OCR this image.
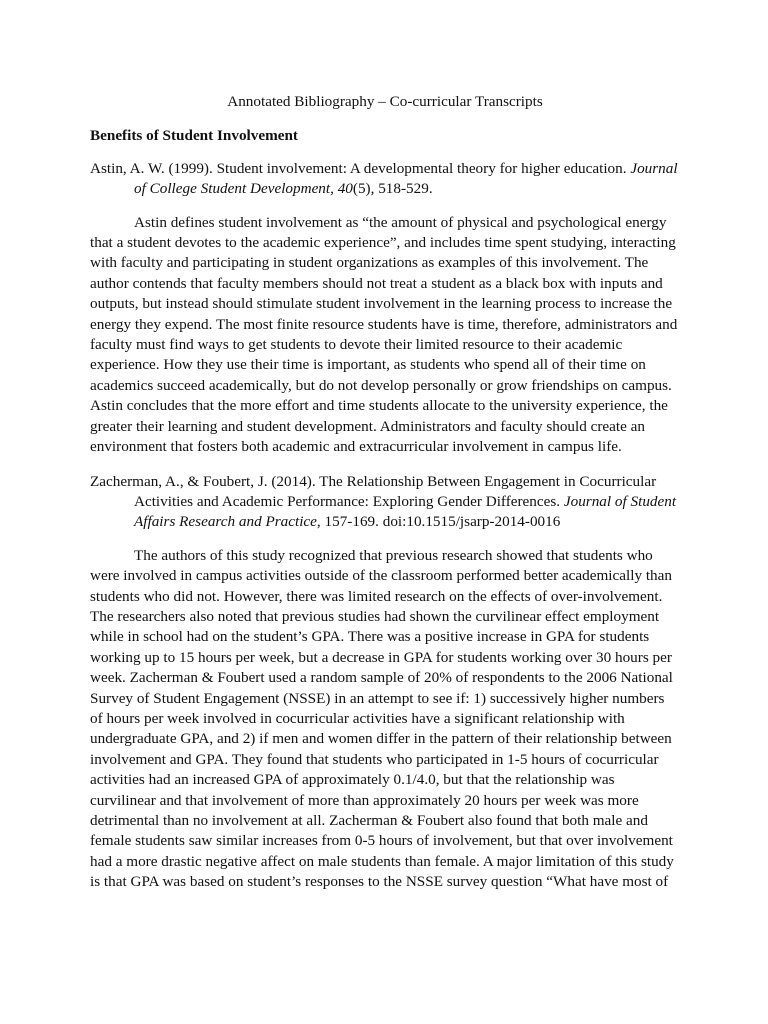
Annotated Bibliography – Co-curricular Transcripts

Benefits of Student Involvement

Astin, A. W. (1999). Student involvement: A developmental theory for higher education. Journal of College Student Development, 40(5), 518-529.

Astin defines student involvement as “the amount of physical and psychological energy that a student devotes to the academic experience”, and includes time spent studying, interacting with faculty and participating in student organizations as examples of this involvement. The author contends that faculty members should not treat a student as a black box with inputs and outputs, but instead should stimulate student involvement in the learning process to increase the energy they expend. The most finite resource students have is time, therefore, administrators and faculty must find ways to get students to devote their limited resource to their academic experience. How they use their time is important, as students who spend all of their time on academics succeed academically, but do not develop personally or grow friendships on campus. Astin concludes that the more effort and time students allocate to the university experience, the greater their learning and student development. Administrators and faculty should create an environment that fosters both academic and extracurricular involvement in campus life.

Zacherman, A., & Foubert, J. (2014). The Relationship Between Engagement in Cocurricular Activities and Academic Performance: Exploring Gender Differences. Journal of Student Affairs Research and Practice, 157-169. doi:10.1515/jsarp-2014-0016

The authors of this study recognized that previous research showed that students who were involved in campus activities outside of the classroom performed better academically than students who did not. However, there was limited research on the effects of over-involvement. The researchers also noted that previous studies had shown the curvilinear effect employment while in school had on the student’s GPA. There was a positive increase in GPA for students working up to 15 hours per week, but a decrease in GPA for students working over 30 hours per week. Zacherman & Foubert used a random sample of 20% of respondents to the 2006 National Survey of Student Engagement (NSSE) in an attempt to see if: 1) successively higher numbers of hours per week involved in cocurricular activities have a significant relationship with undergraduate GPA, and 2) if men and women differ in the pattern of their relationship between involvement and GPA. They found that students who participated in 1-5 hours of cocurricular activities had an increased GPA of approximately 0.1/4.0, but that the relationship was curvilinear and that involvement of more than approximately 20 hours per week was more detrimental than no involvement at all. Zacherman & Foubert also found that both male and female students saw similar increases from 0-5 hours of involvement, but that over involvement had a more drastic negative affect on male students than female. A major limitation of this study is that GPA was based on student’s responses to the NSSE survey question “What have most of
